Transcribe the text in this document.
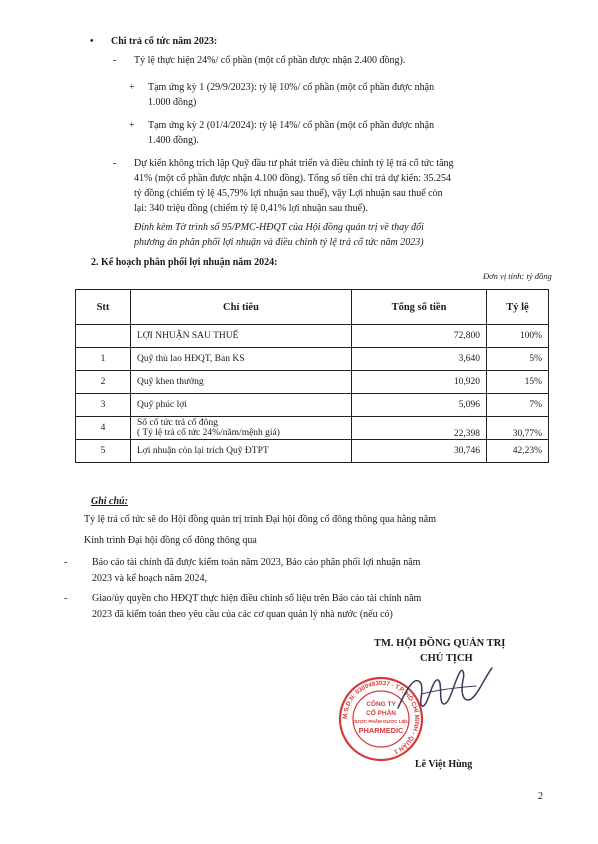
• Chi trả cổ tức năm 2023:
- Tỷ lệ thực hiện 24%/ cổ phần (một cổ phần được nhận 2.400 đồng).
+ Tạm ứng kỳ 1 (29/9/2023): tỷ lệ 10%/ cổ phần (một cổ phần được nhận
1.000 đồng)
+ Tạm ứng kỳ 2 (01/4/2024): tỷ lệ 14%/ cổ phần (một cổ phần được nhận
1.400 đồng).
- Dự kiến không trích lập Quỹ đầu tư phát triển và điều chỉnh tỷ lệ trả cổ tức tăng
41% (một cổ phần được nhận 4.100 đồng). Tổng số tiền chi trả dự kiến: 35.254
tỷ đồng (chiếm tỷ lệ 45,79% lợi nhuận sau thuế), vậy Lợi nhuận sau thuế còn
lại: 340 triệu đồng (chiếm tỷ lệ 0,41% lợi nhuận sau thuế).
Đính kèm Tờ trình số 95/PMC-HĐQT của Hội đồng quản trị về thay đổi
phương án phân phối lợi nhuận và điều chỉnh tỷ lệ trả cổ tức năm 2023)
2. Kế hoạch phân phối lợi nhuận năm 2024:
Đơn vị tính: tỷ đồng
Stt	Chỉ tiêu	Tổng số tiền	Tỷ lệ
	LỢI NHUẬN SAU THUẾ	72,800	100%
1	Quỹ thù lao HĐQT, Ban KS	3,640	5%
2	Quỹ khen thưởng	10,920	15%
3	Quỹ phúc lợi	5,096	7%
4	Số cổ tức trả cổ đông
( Tỷ lệ trả cổ tức 24%/năm/mệnh giá)	22,398	30,77%
5	Lợi nhuận còn lại trích Quỹ ĐTPT	30,746	42,23%
Ghi chú:
Tỷ lệ trả cổ tức sẽ do Hội đồng quản trị trình Đại hội đồng cổ đông thông qua hằng năm
Kính trình Đại hội đồng cổ đông thông qua
- Báo cáo tài chính đã được kiểm toán năm 2023, Báo cáo phân phối lợi nhuận năm
2023 và kế hoạch năm 2024,
- Giao/ủy quyền cho HĐQT thực hiện điều chỉnh số liệu trên Báo cáo tài chính năm
2023 đã kiểm toán theo yêu cầu của các cơ quan quản lý nhà nước (nếu có)
TM. HỘI ĐỒNG QUẢN TRỊ
CHỦ TỊCH
M.S.D.N: 0300483037 - T.P. HỒ CHÍ MINH - QUẬN 1
CÔNG TY
CỔ PHẦN
DƯỢC PHẨM DƯỢC LIỆU
PHARMEDIC
Lê Việt Hùng
2
